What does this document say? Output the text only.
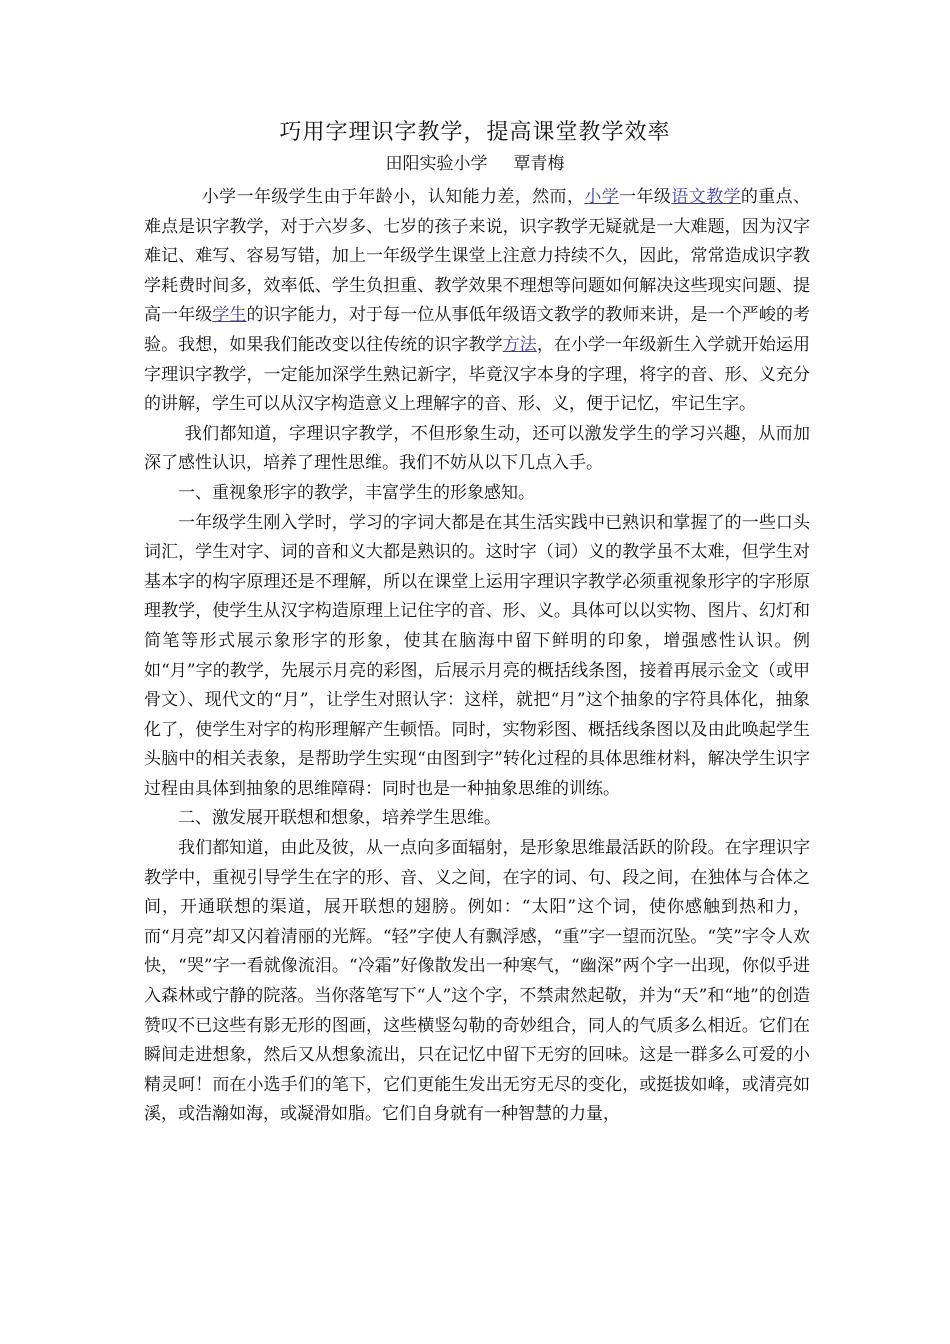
巧用字理识字教学，提高课堂教学效率
田阳实验小学 覃青梅

小学一年级学生由于年龄小，认知能力差，然而，小学一年级语文教学的重点、难点是识字教学，对于六岁多、七岁的孩子来说，识字教学无疑就是一大难题，因为汉字难记、难写、容易写错，加上一年级学生课堂上注意力持续不久，因此，常常造成识字教学耗费时间多，效率低、学生负担重、教学效果不理想等问题如何解决这些现实问题、提高一年级学生的识字能力，对于每一位从事低年级语文教学的教师来讲，是一个严峻的考验。我想，如果我们能改变以往传统的识字教学方法，在小学一年级新生入学就开始运用字理识字教学，一定能加深学生熟记新字，毕竟汉字本身的字理，将字的音、形、义充分的讲解，学生可以从汉字构造意义上理解字的音、形、义，便于记忆，牢记生字。

我们都知道，字理识字教学，不但形象生动，还可以激发学生的学习兴趣，从而加深了感性认识，培养了理性思维。我们不妨从以下几点入手。

一、重视象形字的教学，丰富学生的形象感知。

一年级学生刚入学时，学习的字词大都是在其生活实践中已熟识和掌握了的一些口头词汇，学生对字、词的音和义大都是熟识的。这时字（词）义的教学虽不太难，但学生对基本字的构字原理还是不理解，所以在课堂上运用字理识字教学必须重视象形字的字形原理教学，使学生从汉字构造原理上记住字的音、形、义。具体可以以实物、图片、幻灯和简笔等形式展示象形字的形象，使其在脑海中留下鲜明的印象，增强感性认识。例如“月”字的教学，先展示月亮的彩图，后展示月亮的概括线条图，接着再展示金文（或甲骨文）、现代文的“月”，让学生对照认字：这样，就把“月”这个抽象的字符具体化，抽象化了，使学生对字的构形理解产生顿悟。同时，实物彩图、概括线条图以及由此唤起学生头脑中的相关表象，是帮助学生实现“由图到字”转化过程的具体思维材料，解决学生识字过程由具体到抽象的思维障碍：同时也是一种抽象思维的训练。

二、激发展开联想和想象，培养学生思维。

我们都知道，由此及彼，从一点向多面辐射，是形象思维最活跃的阶段。在字理识字教学中，重视引导学生在字的形、音、义之间，在字的词、句、段之间，在独体与合体之间，开通联想的渠道，展开联想的翅膀。例如：“太阳”这个词，使你感触到热和力，而“月亮”却又闪着清丽的光辉。“轻”字使人有飘浮感，“重”字一望而沉坠。“笑”字令人欢快，“哭”字一看就像流泪。“冷霜”好像散发出一种寒气，“幽深”两个字一出现，你似乎进入森林或宁静的院落。当你落笔写下“人”这个字，不禁肃然起敬，并为“天”和“地”的创造赞叹不已这些有影无形的图画，这些横竖勾勒的奇妙组合，同人的气质多么相近。它们在瞬间走进想象，然后又从想象流出，只在记忆中留下无穷的回味。这是一群多么可爱的小精灵呵！而在小选手们的笔下，它们更能生发出无穷无尽的变化，或挺拔如峰，或清亮如溪，或浩瀚如海，或凝滑如脂。它们自身就有一种智慧的力量，
